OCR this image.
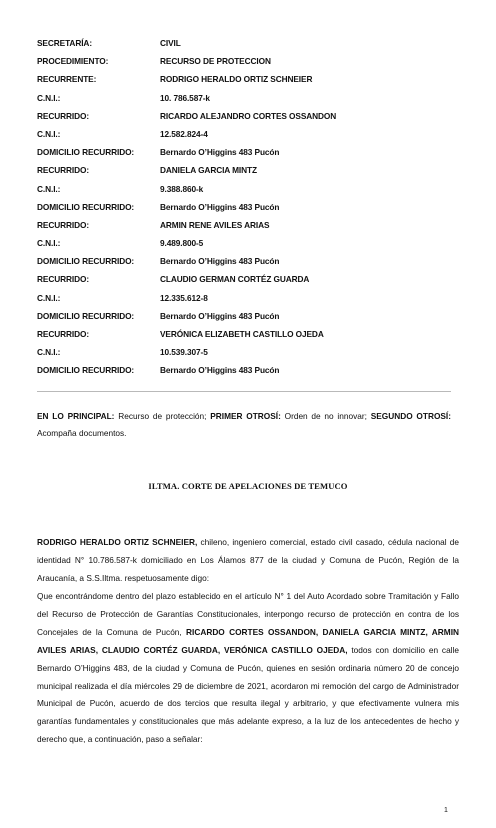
SECRETARÍA:	CIVIL
PROCEDIMIENTO:	RECURSO DE PROTECCION
RECURRENTE:	RODRIGO HERALDO ORTIZ SCHNEIER
C.N.I.:	10. 786.587-k
RECURRIDO:	RICARDO ALEJANDRO CORTES OSSANDON
C.N.I.:	12.582.824-4
DOMICILIO RECURRIDO:	Bernardo O’Higgins 483 Pucón
RECURRIDO:	DANIELA GARCIA MINTZ
C.N.I.:	9.388.860-k
DOMICILIO RECURRIDO:	Bernardo O’Higgins 483 Pucón
RECURRIDO:	ARMIN RENE AVILES ARIAS
C.N.I.:	9.489.800-5
DOMICILIO RECURRIDO:	Bernardo O’Higgins 483 Pucón
RECURRIDO:	CLAUDIO GERMAN CORTÉZ GUARDA
C.N.I.:	12.335.612-8
DOMICILIO RECURRIDO:	Bernardo O’Higgins 483 Pucón
RECURRIDO:	VERÓNICA ELIZABETH CASTILLO OJEDA
C.N.I.:	10.539.307-5
DOMICILIO RECURRIDO:	Bernardo O’Higgins 483 Pucón
EN LO PRINCIPAL: Recurso de protección; PRIMER OTROSÍ: Orden de no innovar; SEGUNDO OTROSÍ: Acompaña documentos.
ILTMA. CORTE DE APELACIONES DE TEMUCO
RODRIGO HERALDO ORTIZ SCHNEIER, chileno, ingeniero comercial, estado civil casado, cédula nacional de identidad N° 10.786.587-k domiciliado en Los Álamos 877 de la ciudad y Comuna de Pucón, Región de la Araucanía, a S.S.Iltma. respetuosamente digo:
Que encontrándome dentro del plazo establecido en el artículo N° 1 del Auto Acordado sobre Tramitación y Fallo del Recurso de Protección de Garantías Constitucionales, interpongo recurso de protección en contra de los Concejales de la Comuna de Pucón, RICARDO CORTES OSSANDON, DANIELA GARCIA MINTZ, ARMIN AVILES ARIAS, CLAUDIO CORTÉZ GUARDA, VERÓNICA CASTILLO OJEDA, todos con domicilio en calle Bernardo O’Higgins 483, de la ciudad y Comuna de Pucón, quienes en sesión ordinaria número 20 de concejo municipal realizada el día miércoles 29 de diciembre de 2021, acordaron mi remoción del cargo de Administrador Municipal de Pucón, acuerdo de dos tercios que resulta ilegal y arbitrario, y que efectivamente vulnera mis garantías fundamentales y constitucionales que más adelante expreso, a la luz de los antecedentes de hecho y derecho que, a continuación, paso a señalar:
1
